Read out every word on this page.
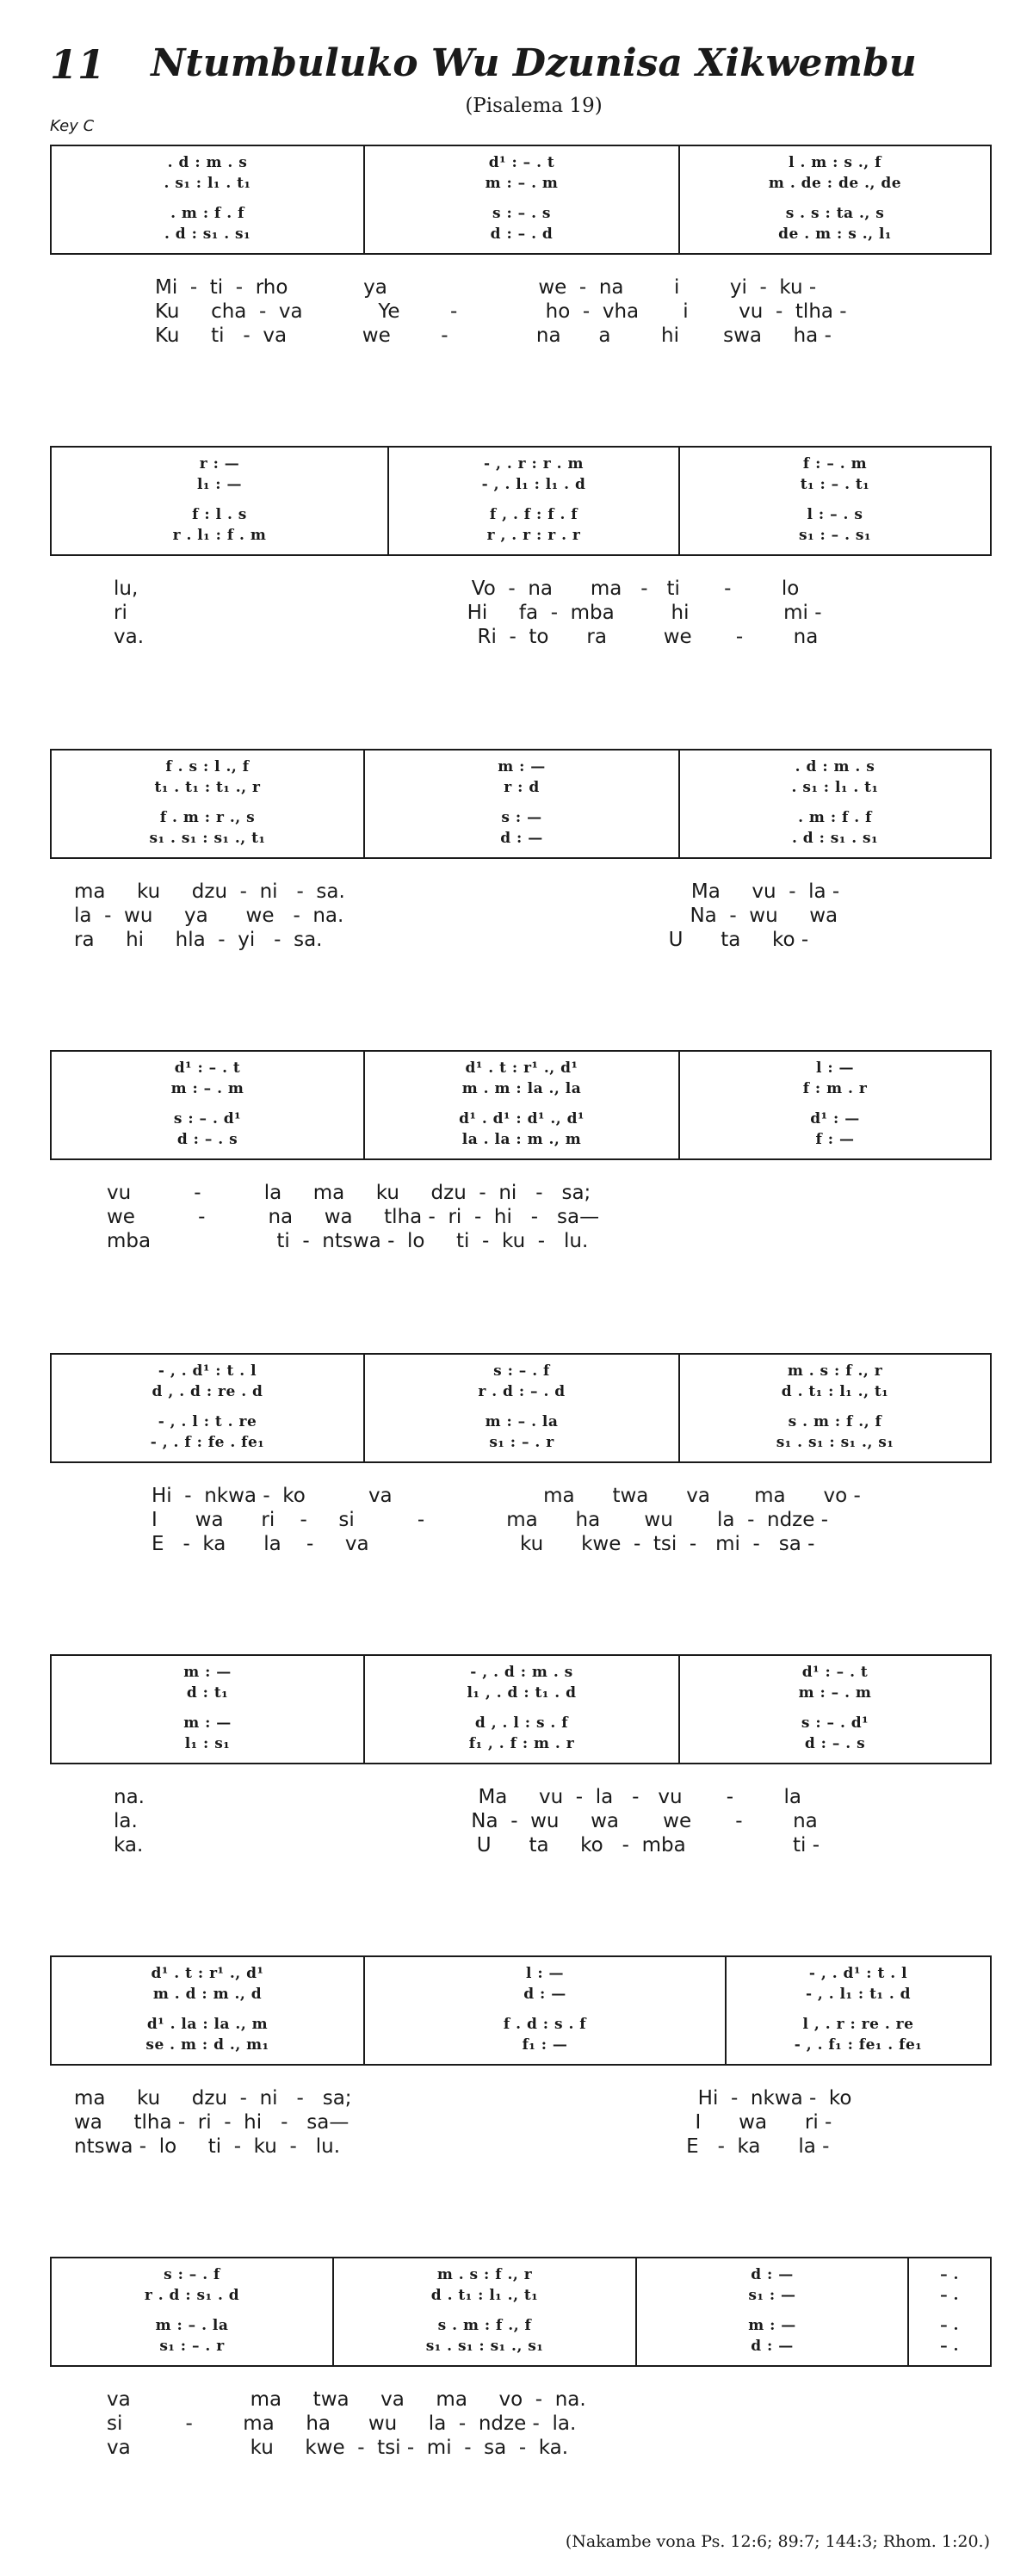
11	Ntumbuluko Wu Dzunisa Xikwembu
(Pisalema 19)
Key C
. d : m . s
. s₁ : l₁ . t₁
. m : f . f
. d : s₁ . s₁
d¹ : – . t
m : – . m
s : – . s
d : – . d
l . m : s ., f
m . de : de ., de
s . s : ta ., s
de . m : s ., l₁
Mi  -  ti  -  rho            ya                        we  -  na        i        yi  -  ku -
Ku     cha  -  va            Ye        -              ho  -  vha       i        vu  -  tlha -
Ku     ti   -  va            we        -              na      a        hi       swa     ha -
r : —
l₁ : —
f : l . s
r . l₁ : f . m
- , . r : r . m
- , . l₁ : l₁ . d
f , . f : f . f
r , . r : r . r
f : – . m
t₁ : – . t₁
l : – . s
s₁ : – . s₁
lu,                                                     Vo  -  na      ma   -   ti       -        lo
ri                                                      Hi     fa  -  mba         hi               mi -
va.                                                     Ri  -  to      ra         we       -        na
f . s : l ., f
t₁ . t₁ : t₁ ., r
f . m : r ., s
s₁ . s₁ : s₁ ., t₁
m : —
r : d
s : —
d : —
. d : m . s
. s₁ : l₁ . t₁
. m : f . f
. d : s₁ . s₁
ma     ku     dzu  -  ni   -  sa.                                                       Ma     vu  -  la -
la  -  wu     ya      we   -  na.                                                       Na  -  wu     wa
ra     hi     hla  -  yi   -  sa.                                                       U      ta     ko -
d¹ : – . t
m : – . m
s : – . d¹
d : – . s
d¹ . t : r¹ ., d¹
m . m : la ., la
d¹ . d¹ : d¹ ., d¹
la . la : m ., m
l : —
f : m . r
d¹ : —
f : —
vu          -          la     ma     ku     dzu  -  ni   -   sa;
we          -          na     wa     tlha -  ri  -  hi   -   sa—
mba                    ti  -  ntswa -  lo     ti  -  ku  -   lu.
- , . d¹ : t . l
d , . d : re . d
- , . l : t . re
- , . f : fe . fe₁
s : – . f
r . d : – . d
m : – . la
s₁ : – . r
m . s : f ., r
d . t₁ : l₁ ., t₁
s . m : f ., f
s₁ . s₁ : s₁ ., s₁
Hi  -  nkwa -  ko          va                        ma      twa      va       ma      vo -
I      wa      ri    -     si          -             ma      ha       wu       la  -  ndze -
E   -  ka      la    -     va                        ku      kwe  -  tsi  -   mi  -   sa -
m : —
d : t₁
m : —
l₁ : s₁
- , . d : m . s
l₁ , . d : t₁ . d
d , . l : s . f
f₁ , . f : m . r
d¹ : – . t
m : – . m
s : – . d¹
d : – . s
na.                                                     Ma     vu  -  la   -   vu       -        la
la.                                                     Na  -  wu     wa       we       -        na
ka.                                                     U      ta     ko   -  mba                 ti -
d¹ . t : r¹ ., d¹
m . d : m ., d
d¹ . la : la ., m
se . m : d ., m₁
l : —
d : —
f . d : s . f
f₁ : —
- , . d¹ : t . l
- , . l₁ : t₁ . d
l , . r : re . re
- , . f₁ : fe₁ . fe₁
ma     ku     dzu  -  ni   -   sa;                                                       Hi  -  nkwa -  ko
wa     tlha -  ri  -  hi   -   sa—                                                       I      wa      ri -
ntswa -  lo     ti  -  ku  -   lu.                                                       E   -  ka      la -
s : – . f
r . d : s₁ . d
m : – . la
s₁ : – . r
m . s : f ., r
d . t₁ : l₁ ., t₁
s . m : f ., f
s₁ . s₁ : s₁ ., s₁
d : —
s₁ : —
m : —
d : —
– .
– .
– .
– .
va                   ma     twa     va     ma     vo  -  na.
si          -        ma     ha      wu     la  -  ndze -  la.
va                   ku     kwe  -  tsi -  mi  -  sa  -  ka.
(Nakambe vona Ps. 12:6; 89:7; 144:3; Rhom. 1:20.)
